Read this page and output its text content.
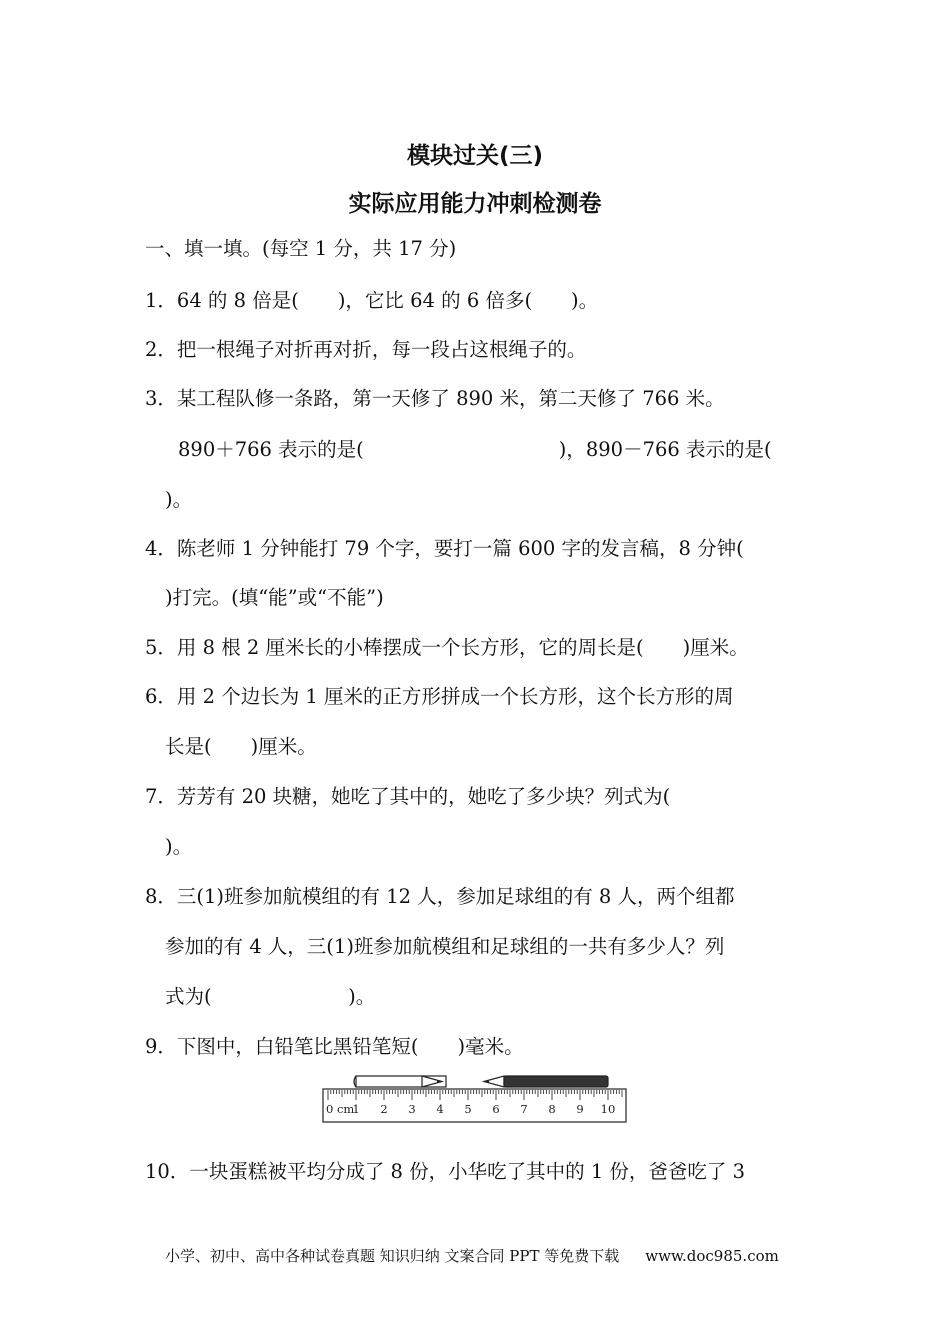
模块过关(三)
实际应用能力冲刺检测卷
一、填一填。(每空 1 分，共 17 分)
1．64 的 8 倍是(　　)，它比 64 的 6 倍多(　　)。
2．把一根绳子对折再对折，每一段占这根绳子的。
3．某工程队修一条路，第一天修了 890 米，第二天修了 766 米。
890＋766 表示的是(　　　　　　　　　　)，890－766 表示的是(
)。
4．陈老师 1 分钟能打 79 个字，要打一篇 600 字的发言稿，8 分钟(
)打完。(填“能”或“不能”)
5．用 8 根 2 厘米长的小棒摆成一个长方形，它的周长是(　　)厘米。
6．用 2 个边长为 1 厘米的正方形拼成一个长方形，这个长方形的周
长是(　　)厘米。
7．芳芳有 20 块糖，她吃了其中的，她吃了多少块？列式为(
)。
8．三(1)班参加航模组的有 12 人，参加足球组的有 8 人，两个组都
参加的有 4 人，三(1)班参加航模组和足球组的一共有多少人？列
式为(　　　　　　　)。
9．下图中，白铅笔比黑铅笔短(　　)毫米。
0 cm
1 2 3 4 5 6 7 8 9 10
10．一块蛋糕被平均分成了 8 份，小华吃了其中的 1 份，爸爸吃了 3
小学、初中、高中各种试卷真题 知识归纳 文案合同 PPT 等免费下载 www.doc985.com
